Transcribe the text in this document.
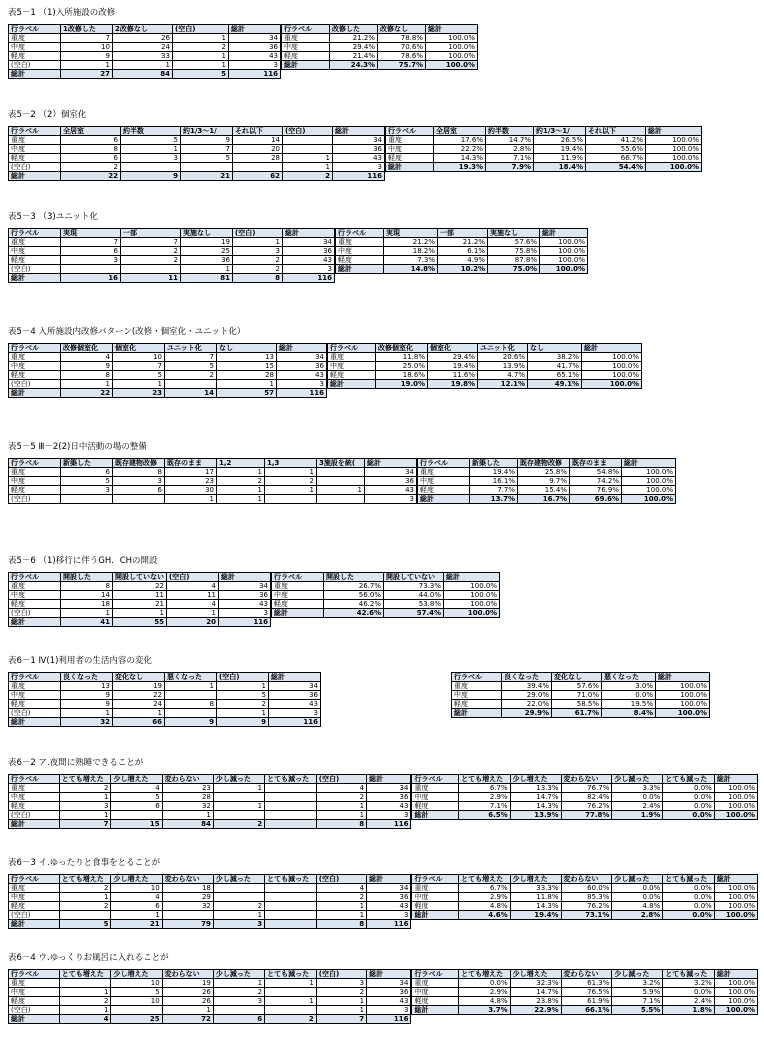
表5－1 （1)入所施設の改修
行ラベル	1改修した	2改修なし	(空白)	総計
重度	7	26	1	34
中度	10	24	2	36
軽度	9	33	1	43
(空白)	1	1	1	3
総計	27	84	5	116
行ラベル	改修した	改修なし	総計
重度	21.2%	78.8%	100.0%
中度	29.4%	70.6%	100.0%
軽度	21.4%	78.6%	100.0%
総計	24.3%	75.7%	100.0%
表5－2 （2）個室化
行ラベル	全居室	約半数	約1/3～1/	それ以下	(空白)	総計
重度	6	5	9	14		34
中度	8	1	7	20		36
軽度	6	3	5	28	1	43
(空白)	2				1	3
総計	22	9	21	62	2	116
行ラベル	全居室	約半数	約1/3～1/	それ以下	総計
重度	17.6%	14.7%	26.5%	41.2%	100.0%
中度	22.2%	2.8%	19.4%	55.6%	100.0%
軽度	14.3%	7.1%	11.9%	66.7%	100.0%
総計	19.3%	7.9%	18.4%	54.4%	100.0%
表5－3 （3)ユニット化
行ラベル	実現	一部	実施なし	(空白)	総計
重度	7	7	19	1	34
中度	6	2	25	3	36
軽度	3	2	36	2	43
(空白)			1	2	3
総計	16	11	81	8	116
行ラベル	実現	一部	実施なし	総計
重度	21.2%	21.2%	57.6%	100.0%
中度	18.2%	6.1%	75.8%	100.0%
軽度	7.3%	4.9%	87.8%	100.0%
総計	14.8%	10.2%	75.0%	100.0%
表5－4 入所施設内改修パターン(改修・個室化・ユニット化）
行ラベル	改修個室化	個室化	ユニット化	なし	総計
重度	4	10	7	13	34
中度	9	7	5	15	36
軽度	8	5	2	28	43
(空白)	1	1		1	3
総計	22	23	14	57	116
行ラベル	改修個室化	個室化	ユニット化	なし	総計
重度	11.8%	29.4%	20.6%	38.2%	100.0%
中度	25.0%	19.4%	13.9%	41.7%	100.0%
軽度	18.6%	11.6%	4.7%	65.1%	100.0%
総計	19.0%	19.8%	12.1%	49.1%	100.0%
表5－5 Ⅲ－2(2)日中活動の場の整備
行ラベル	新築した	既存建物改修	既存のまま	1,2	1,3	3施設を統(	総計
重度	6	8	17	1	1		34
中度	5	3	23	2	2		36
軽度	3	6	30	1	1	1	43
(空白)			1	1			3
行ラベル	新築した	既存建物改修	既存のまま	総計
重度	19.4%	25.8%	54.8%	100.0%
中度	16.1%	9.7%	74.2%	100.0%
軽度	7.7%	15.4%	76.9%	100.0%
総計	13.7%	16.7%	69.6%	100.0%
表5－6 （1)移行に伴うGH．CHの開設
行ラベル	開設した	開設していない	(空白)	総計
重度	8	22	4	34
中度	14	11	11	36
軽度	18	21	4	43
(空白)	1	1	1	3
総計	41	55	20	116
行ラベル	開設した	開設していない	総計
重度	26.7%	73.3%	100.0%
中度	56.0%	44.0%	100.0%
軽度	46.2%	53.8%	100.0%
総計	42.6%	57.4%	100.0%
表6－1 Ⅳ(1)利用者の生活内容の変化
行ラベル	良くなった	変化なし	悪くなった	(空白)	総計
重度	13	19	1	1	34
中度	9	22		5	36
軽度	9	24	8	2	43
(空白)	1	1		1	3
総計	32	66	9	9	116
行ラベル	良くなった	変化なし	悪くなった	総計
重度	39.4%	57.6%	3.0%	100.0%
中度	29.0%	71.0%	0.0%	100.0%
軽度	22.0%	58.5%	19.5%	100.0%
総計	29.9%	61.7%	8.4%	100.0%
表6－2 ア.夜間に熟睡できることが
行ラベル	とても増えた	少し増えた	変わらない	少し減った	とても減った	(空白)	総計
重度	2	4	23	1		4	34
中度	1	5	28			2	36
軽度	3	6	32	1		1	43
(空白)	1		1			1	3
総計	7	15	84	2		8	116
行ラベル	とても増えた	少し増えた	変わらない	少し減った	とても減った	総計
重度	6.7%	13.3%	76.7%	3.3%	0.0%	100.0%
中度	2.9%	14.7%	82.4%	0.0%	0.0%	100.0%
軽度	7.1%	14.3%	76.2%	2.4%	0.0%	100.0%
総計	6.5%	13.9%	77.8%	1.9%	0.0%	100.0%
表6－3 イ.ゆったりと食事をとることが
行ラベル	とても増えた	少し増えた	変わらない	少し減った	とても減った	(空白)	総計
重度	2	10	18			4	34
中度	1	4	29			2	36
軽度	2	6	32	2		1	43
(空白)		1		1		1	3
総計	5	21	79	3		8	116
行ラベル	とても増えた	少し増えた	変わらない	少し減った	とても減った	総計
重度	6.7%	33.3%	60.0%	0.0%	0.0%	100.0%
中度	2.9%	11.8%	85.3%	0.0%	0.0%	100.0%
軽度	4.8%	14.3%	76.2%	4.8%	0.0%	100.0%
総計	4.6%	19.4%	73.1%	2.8%	0.0%	100.0%
表6－4 ウ.ゆっくりお風呂に入れることが
行ラベル	とても増えた	少し増えた	変わらない	少し減った	とても減った	(空白)	総計
重度		10	19	1	1	3	34
中度	1	5	26	2		2	36
軽度	2	10	26	3	1	1	43
(空白)	1		1			1	3
総計	4	25	72	6	2	7	116
行ラベル	とても増えた	少し増えた	変わらない	少し減った	とても減った	総計
重度	0.0%	32.3%	61.3%	3.2%	3.2%	100.0%
中度	2.9%	14.7%	76.5%	5.9%	0.0%	100.0%
軽度	4.8%	23.8%	61.9%	7.1%	2.4%	100.0%
総計	3.7%	22.9%	66.1%	5.5%	1.8%	100.0%
